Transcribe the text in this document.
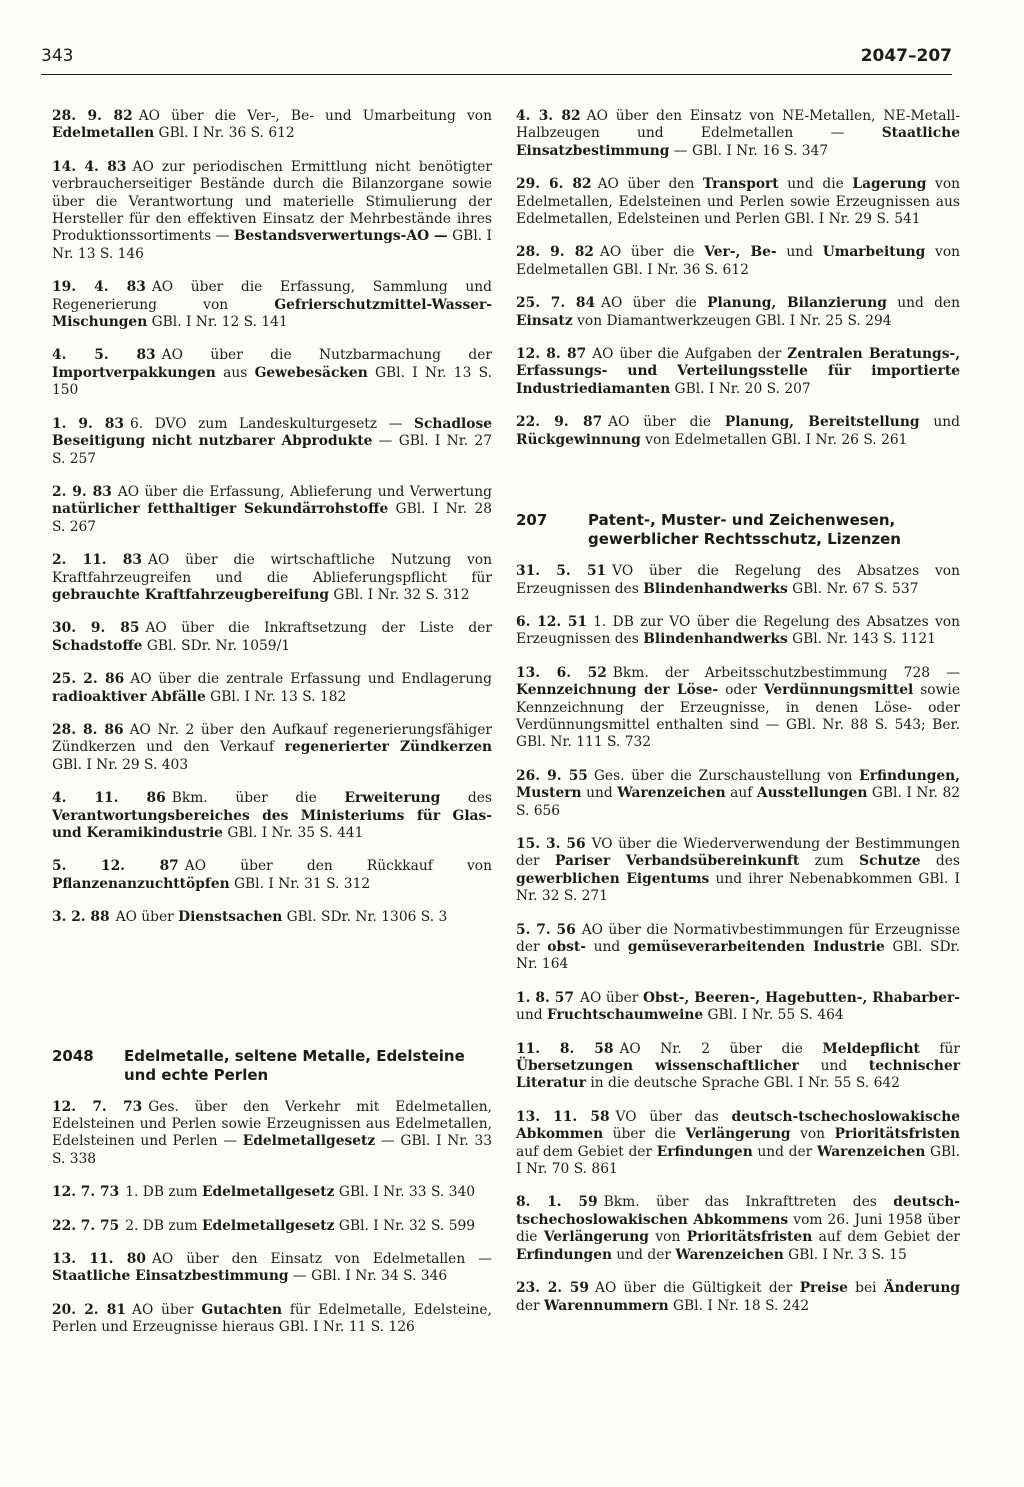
343	2047–207
28. 9. 82 AO über die Ver-, Be- und Umarbeitung von Edelmetallen GBl. I Nr. 36 S. 612
14. 4. 83 AO zur periodischen Ermittlung nicht benötigter verbraucherseitiger Bestände durch die Bilanzorgane sowie über die Verantwortung und materielle Stimulierung der Hersteller für den effektiven Einsatz der Mehrbestände ihres Produktionssortiments — Bestandsverwertungs-AO — GBl. I Nr. 13 S. 146
19. 4. 83 AO über die Erfassung, Sammlung und Regenerierung von Gefrierschutzmittel-Wasser-Mischungen GBl. I Nr. 12 S. 141
4. 5. 83 AO über die Nutzbarmachung der Importverpakkungen aus Gewebesäcken GBl. I Nr. 13 S. 150
1. 9. 83 6. DVO zum Landeskulturgesetz — Schadlose Beseitigung nicht nutzbarer Abprodukte — GBl. I Nr. 27 S. 257
2. 9. 83 AO über die Erfassung, Ablieferung und Verwertung natürlicher fetthaltiger Sekundärrohstoffe GBl. I Nr. 28 S. 267
2. 11. 83 AO über die wirtschaftliche Nutzung von Kraftfahrzeugreifen und die Ablieferungspflicht für gebrauchte Kraftfahrzeugbereifung GBl. I Nr. 32 S. 312
30. 9. 85 AO über die Inkraftsetzung der Liste der Schadstoffe GBl. SDr. Nr. 1059/1
25. 2. 86 AO über die zentrale Erfassung und Endlagerung radioaktiver Abfälle GBl. I Nr. 13 S. 182
28. 8. 86 AO Nr. 2 über den Aufkauf regenerierungsfähiger Zündkerzen und den Verkauf regenerierter Zündkerzen GBl. I Nr. 29 S. 403
4. 11. 86 Bkm. über die Erweiterung des Verantwortungsbereiches des Ministeriums für Glas- und Keramikindustrie GBl. I Nr. 35 S. 441
5. 12. 87 AO über den Rückkauf von Pflanzenanzuchttöpfen GBl. I Nr. 31 S. 312
3. 2. 88 AO über Dienstsachen GBl. SDr. Nr. 1306 S. 3
2048	Edelmetalle, seltene Metalle, Edelsteine und echte Perlen
12. 7. 73 Ges. über den Verkehr mit Edelmetallen, Edelsteinen und Perlen sowie Erzeugnissen aus Edelmetallen, Edelsteinen und Perlen — Edelmetallgesetz — GBl. I Nr. 33 S. 338
12. 7. 73 1. DB zum Edelmetallgesetz GBl. I Nr. 33 S. 340
22. 7. 75 2. DB zum Edelmetallgesetz GBl. I Nr. 32 S. 599
13. 11. 80 AO über den Einsatz von Edelmetallen — Staatliche Einsatzbestimmung — GBl. I Nr. 34 S. 346
20. 2. 81 AO über Gutachten für Edelmetalle, Edelsteine, Perlen und Erzeugnisse hieraus GBl. I Nr. 11 S. 126
4. 3. 82 AO über den Einsatz von NE-Metallen, NE-Metall-Halbzeugen und Edelmetallen — Staatliche Einsatzbestimmung — GBl. I Nr. 16 S. 347
29. 6. 82 AO über den Transport und die Lagerung von Edelmetallen, Edelsteinen und Perlen sowie Erzeugnissen aus Edelmetallen, Edelsteinen und Perlen GBl. I Nr. 29 S. 541
28. 9. 82 AO über die Ver-, Be- und Umarbeitung von Edelmetallen GBl. I Nr. 36 S. 612
25. 7. 84 AO über die Planung, Bilanzierung und den Einsatz von Diamantwerkzeugen GBl. I Nr. 25 S. 294
12. 8. 87 AO über die Aufgaben der Zentralen Beratungs-, Erfassungs- und Verteilungsstelle für importierte Industriediamanten GBl. I Nr. 20 S. 207
22. 9. 87 AO über die Planung, Bereitstellung und Rückgewinnung von Edelmetallen GBl. I Nr. 26 S. 261
207	Patent-, Muster- und Zeichenwesen, gewerblicher Rechtsschutz, Lizenzen
31. 5. 51 VO über die Regelung des Absatzes von Erzeugnissen des Blindenhandwerks GBl. Nr. 67 S. 537
6. 12. 51 1. DB zur VO über die Regelung des Absatzes von Erzeugnissen des Blindenhandwerks GBl. Nr. 143 S. 1121
13. 6. 52 Bkm. der Arbeitsschutzbestimmung 728 — Kennzeichnung der Löse- oder Verdünnungsmittel sowie Kennzeichnung der Erzeugnisse, in denen Löse- oder Verdünnungsmittel enthalten sind — GBl. Nr. 88 S. 543; Ber. GBl. Nr. 111 S. 732
26. 9. 55 Ges. über die Zurschaustellung von Erfindungen, Mustern und Warenzeichen auf Ausstellungen GBl. I Nr. 82 S. 656
15. 3. 56 VO über die Wiederverwendung der Bestimmungen der Pariser Verbandsübereinkunft zum Schutze des gewerblichen Eigentums und ihrer Nebenabkommen GBl. I Nr. 32 S. 271
5. 7. 56 AO über die Normativbestimmungen für Erzeugnisse der obst- und gemüseverarbeitenden Industrie GBl. SDr. Nr. 164
1. 8. 57 AO über Obst-, Beeren-, Hagebutten-, Rhabarber- und Fruchtschaumweine GBl. I Nr. 55 S. 464
11. 8. 58 AO Nr. 2 über die Meldepflicht für Übersetzungen wissenschaftlicher und technischer Literatur in die deutsche Sprache GBl. I Nr. 55 S. 642
13. 11. 58 VO über das deutsch-tschechoslowakische Abkommen über die Verlängerung von Prioritätsfristen auf dem Gebiet der Erfindungen und der Warenzeichen GBl. I Nr. 70 S. 861
8. 1. 59 Bkm. über das Inkrafttreten des deutsch-tschechoslowakischen Abkommens vom 26. Juni 1958 über die Verlängerung von Prioritätsfristen auf dem Gebiet der Erfindungen und der Warenzeichen GBl. I Nr. 3 S. 15
23. 2. 59 AO über die Gültigkeit der Preise bei Änderung der Warennummern GBl. I Nr. 18 S. 242
